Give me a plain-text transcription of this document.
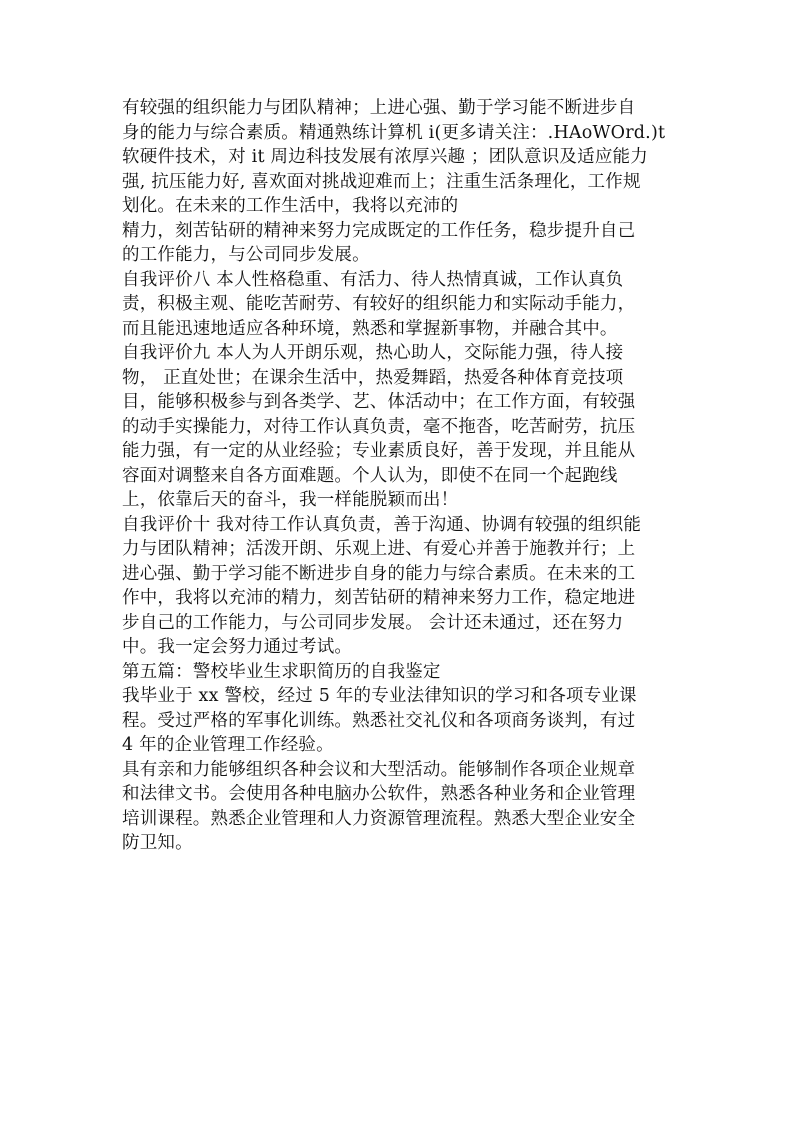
有较强的组织能力与团队精神；上进心强、勤于学习能不断进步自
身的能力与综合素质。精通熟练计算机 i(更多请关注：.HAoWOrd.)t
软硬件技术，对 it 周边科技发展有浓厚兴趣 ；团队意识及适应能力
强, 抗压能力好, 喜欢面对挑战迎难而上；注重生活条理化，工作规
划化。在未来的工作生活中，我将以充沛的
精力，刻苦钻研的精神来努力完成既定的工作任务，稳步提升自己
的工作能力，与公司同步发展。
自我评价八 本人性格稳重、有活力、待人热情真诚，工作认真负
责，积极主观、能吃苦耐劳、有较好的组织能力和实际动手能力，
而且能迅速地适应各种环境，熟悉和掌握新事物，并融合其中。
自我评价九 本人为人开朗乐观，热心助人，交际能力强，待人接
物， 正直处世；在课余生活中，热爱舞蹈，热爱各种体育竞技项
目，能够积极参与到各类学、艺、体活动中；在工作方面，有较强
的动手实操能力，对待工作认真负责，毫不拖沓，吃苦耐劳，抗压
能力强，有一定的从业经验；专业素质良好，善于发现，并且能从
容面对调整来自各方面难题。个人认为，即使不在同一个起跑线
上，依靠后天的奋斗，我一样能脱颖而出！
自我评价十 我对待工作认真负责，善于沟通、协调有较强的组织能
力与团队精神；活泼开朗、乐观上进、有爱心并善于施教并行；上
进心强、勤于学习能不断进步自身的能力与综合素质。在未来的工
作中，我将以充沛的精力，刻苦钻研的精神来努力工作，稳定地进
步自己的工作能力，与公司同步发展。 会计还未通过，还在努力
中。我一定会努力通过考试。
第五篇：警校毕业生求职简历的自我鉴定
我毕业于 xx 警校，经过 5 年的专业法律知识的学习和各项专业课
程。受过严格的军事化训练。熟悉社交礼仪和各项商务谈判，有过
4 年的企业管理工作经验。
具有亲和力能够组织各种会议和大型活动。能够制作各项企业规章
和法律文书。会使用各种电脑办公软件，熟悉各种业务和企业管理
培训课程。熟悉企业管理和人力资源管理流程。熟悉大型企业安全
防卫知。
